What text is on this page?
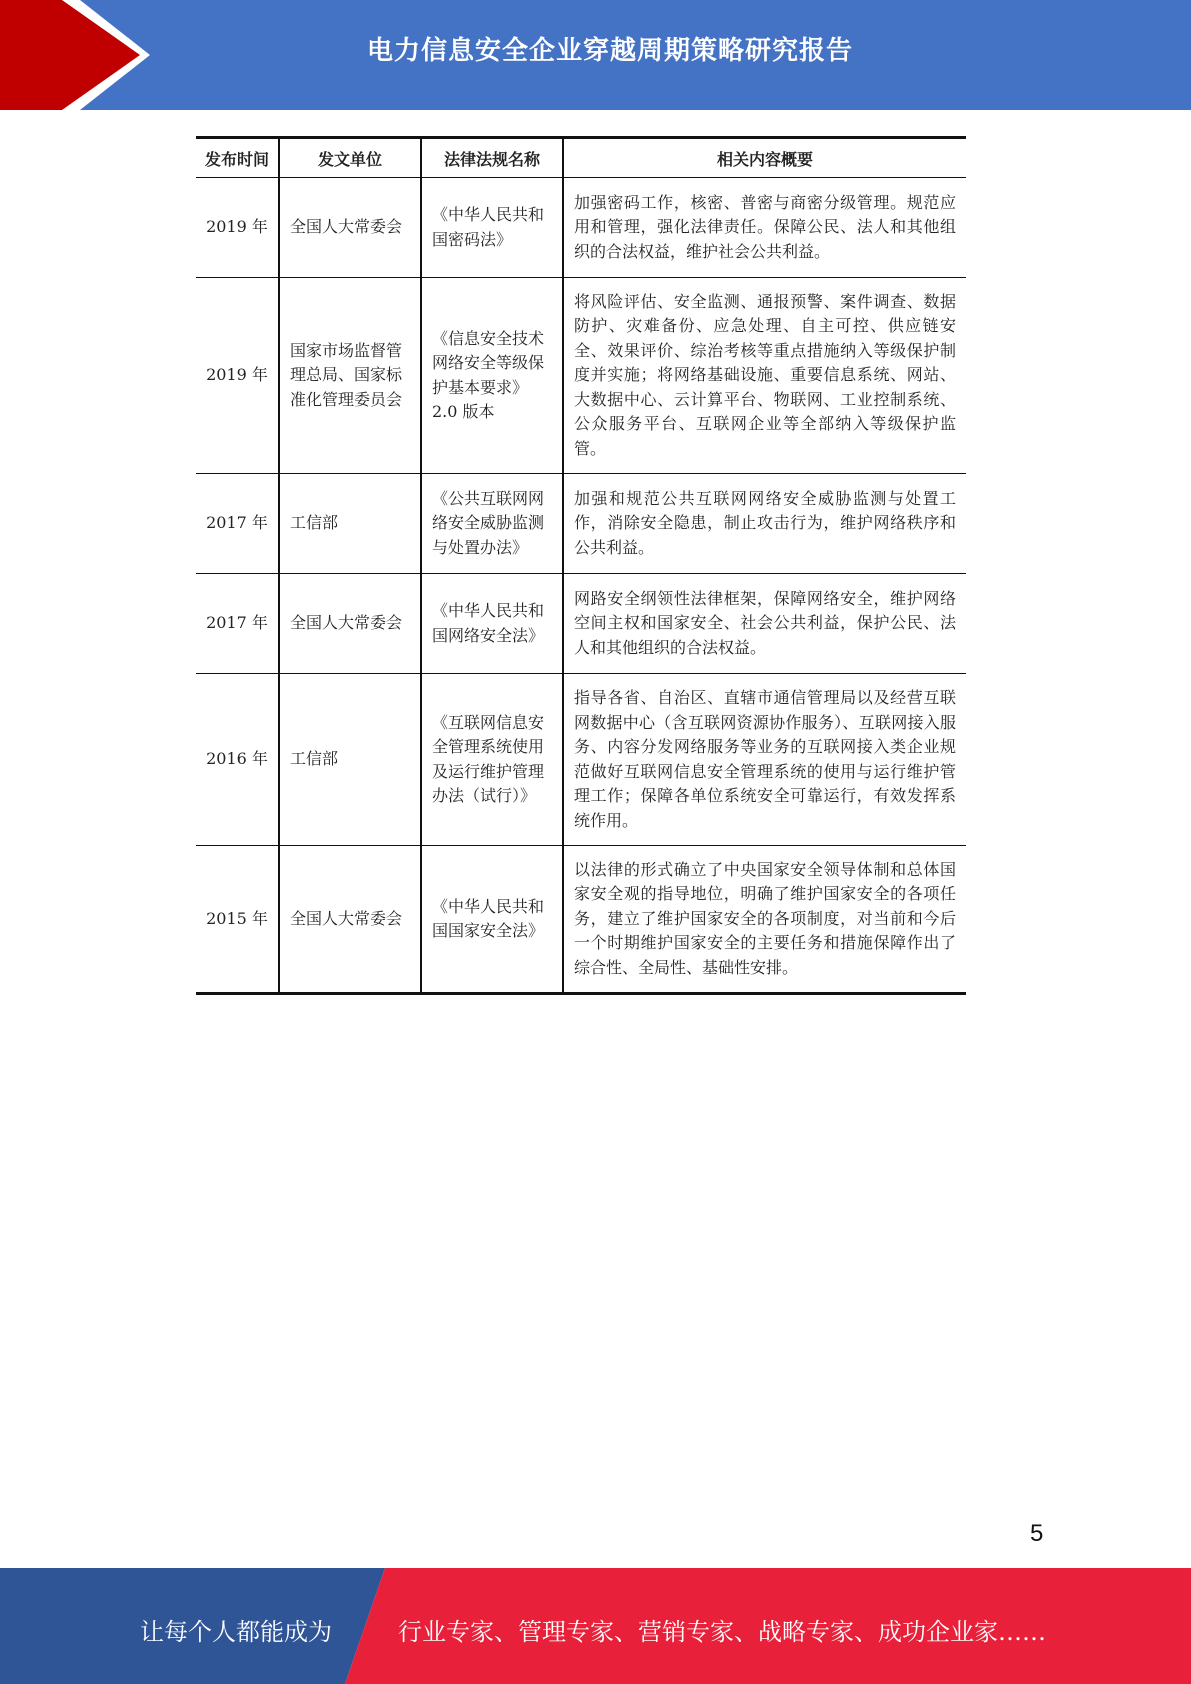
电力信息安全企业穿越周期策略研究报告
发布时间	发文单位	法律法规名称	相关内容概要
2019 年	全国人大常委会	《中华人民共和国密码法》	加强密码工作，核密、普密与商密分级管理。规范应用和管理，强化法律责任。保障公民、法人和其他组织的合法权益，维护社会公共利益。
2019 年	国家市场监督管理总局、国家标准化管理委员会	《信息安全技术网络安全等级保护基本要求》2.0 版本	将风险评估、安全监测、通报预警、案件调查、数据防护、灾难备份、应急处理、自主可控、供应链安全、效果评价、综治考核等重点措施纳入等级保护制度并实施；将网络基础设施、重要信息系统、网站、大数据中心、云计算平台、物联网、工业控制系统、公众服务平台、互联网企业等全部纳入等级保护监管。
2017 年	工信部	《公共互联网网络安全威胁监测与处置办法》	加强和规范公共互联网网络安全威胁监测与处置工作，消除安全隐患，制止攻击行为，维护网络秩序和公共利益。
2017 年	全国人大常委会	《中华人民共和国网络安全法》	网路安全纲领性法律框架，保障网络安全，维护网络空间主权和国家安全、社会公共利益，保护公民、法人和其他组织的合法权益。
2016 年	工信部	《互联网信息安全管理系统使用及运行维护管理办法（试行）》	指导各省、自治区、直辖市通信管理局以及经营互联网数据中心（含互联网资源协作服务）、互联网接入服务、内容分发网络服务等业务的互联网接入类企业规范做好互联网信息安全管理系统的使用与运行维护管理工作；保障各单位系统安全可靠运行，有效发挥系统作用。
2015 年	全国人大常委会	《中华人民共和国国家安全法》	以法律的形式确立了中央国家安全领导体制和总体国家安全观的指导地位，明确了维护国家安全的各项任务，建立了维护国家安全的各项制度，对当前和今后一个时期维护国家安全的主要任务和措施保障作出了综合性、全局性、基础性安排。
5
让每个人都能成为	行业专家、管理专家、营销专家、战略专家、成功企业家……
